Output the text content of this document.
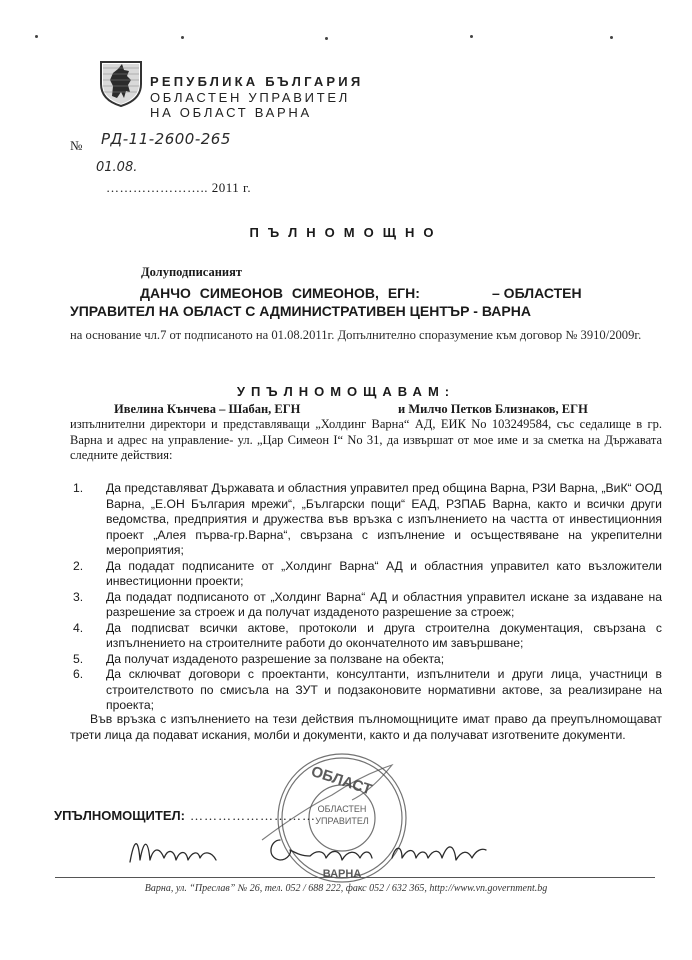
РЕПУБЛИКА БЪЛГАРИЯ
ОБЛАСТЕН УПРАВИТЕЛ
НА ОБЛАСТ ВАРНА
№ РД-11-2600-265
01.08.
………………….. 2011 г.
ПЪЛНОМОЩНО
Долуподписаният
ДАНЧО СИМЕОНОВ СИМЕОНОВ, ЕГН:	– ОБЛАСТЕН
УПРАВИТЕЛ НА ОБЛАСТ С АДМИНИСТРАТИВЕН ЦЕНТЪР - ВАРНА
на основание чл.7 от подписаното на 01.08.2011г. Допълнително споразумение към договор № 3910/2009г.
УПЪЛНОМОЩАВАМ:
Ивелина Кънчева – Шабан, ЕГН	и Милчо Петков Близнаков, ЕГН
изпълнителни директори и представляващи „Холдинг Варна“ АД, ЕИК No 103249584, със седалище в гр. Варна и адрес на управление- ул. „Цар Симеон I“ No 31, да извършат от мое име и за сметка на Държавата следните действия:
1. Да представляват Държавата и областния управител пред община Варна, РЗИ Варна, „ВиК“ ООД Варна, „Е.ОН България мрежи“, „Български пощи“ ЕАД, РЗПАБ Варна, както и всички други ведомства, предприятия и дружества във връзка с изпълнението на частта от инвестиционния проект „Алея първа-гр.Варна“, свързана с изпълнение и осъществяване на укрепителни мероприятия;
2. Да подадат подписаните от „Холдинг Варна“ АД и областния управител като възложители инвестиционни проекти;
3. Да подадат подписаното от „Холдинг Варна“ АД и областния управител искане за издаване на разрешение за строеж и да получат издаденото разрешение за строеж;
4. Да подписват всички актове, протоколи и друга строителна документация, свързана с изпълнението на строителните работи до окончателното им завършване;
5. Да получат издаденото разрешение за ползване на обекта;
6. Да сключват договори с проектанти, консултанти, изпълнители и други лица, участници в строителството по смисъла на ЗУТ и подзаконовите нормативни актове, за реализиране на проекта;
Във връзка с изпълнението на тези действия пълномощниците имат право да преупълномощават трети лица да подават искания, молби и документи, както и да получават изготвените документи.
ОБЛАСТ
ОБЛАСТЕН
УПРАВИТЕЛ
ВАРНА
УПЪЛНОМОЩИТЕЛ: ………………………
Варна, ул. “Преслав” № 26, тел. 052 / 688 222, факс 052 / 632 365, http://www.vn.government.bg
